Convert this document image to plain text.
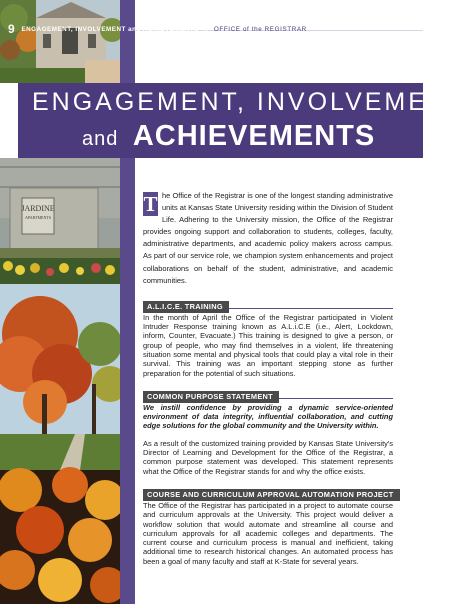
JARDINE
APARTMENTS
9 ENGAGEMENT, INVOLVEMENT and ACHIEVEMENTS // OFFICE of the REGISTRAR
ENGAGEMENT, INVOLVEMENT
and ACHIEVEMENTS

T he Office of the Registrar is one of the longest standing administrative units at Kansas State University residing within the Division of Student Life. Adhering to the University mission, the Office of the Registrar provides ongoing support and collaboration to students, colleges, faculty, administrative departments, and academic policy makers across campus. As part of our service role, we champion system enhancements and project collaborations on behalf of the student, administrative, and academic communities.

A.L.I.C.E. TRAINING

In the month of April the Office of the Registrar participated in Violent Intruder Response training known as A.L.i.C.E (i.e., Alert, Lockdown, inform, Counter, Evacuate.) This training is designed to give a person, or group of people, who may find themselves in a violent, life threatening situation some mental and physical tools that could play a vital role in their survival. This training was an important stepping stone as further preparation for the potential of such situations.

COMMON PURPOSE STATEMENT

We instill confidence by providing a dynamic service-oriented environment of data integrity, influential collaboration, and cutting edge solutions for the global community and the University within.

As a result of the customized training provided by Kansas State University's Director of Learning and Development for the Office of the Registrar, a common purpose statement was developed. This statement represents what the Office of the Registrar stands for and why the office exists.

COURSE AND CURRICULUM APPROVAL AUTOMATION PROJECT

The Office of the Registrar has participated in a project to automate course and curriculum approvals at the University. This project would deliver a workflow solution that would automate and streamline all course and curriculum approvals for all academic colleges and departments. The current course and curriculum process is manual and inefficient, taking additional time to research historical changes. An automated process has been a goal of many faculty and staff at K-State for several years.
